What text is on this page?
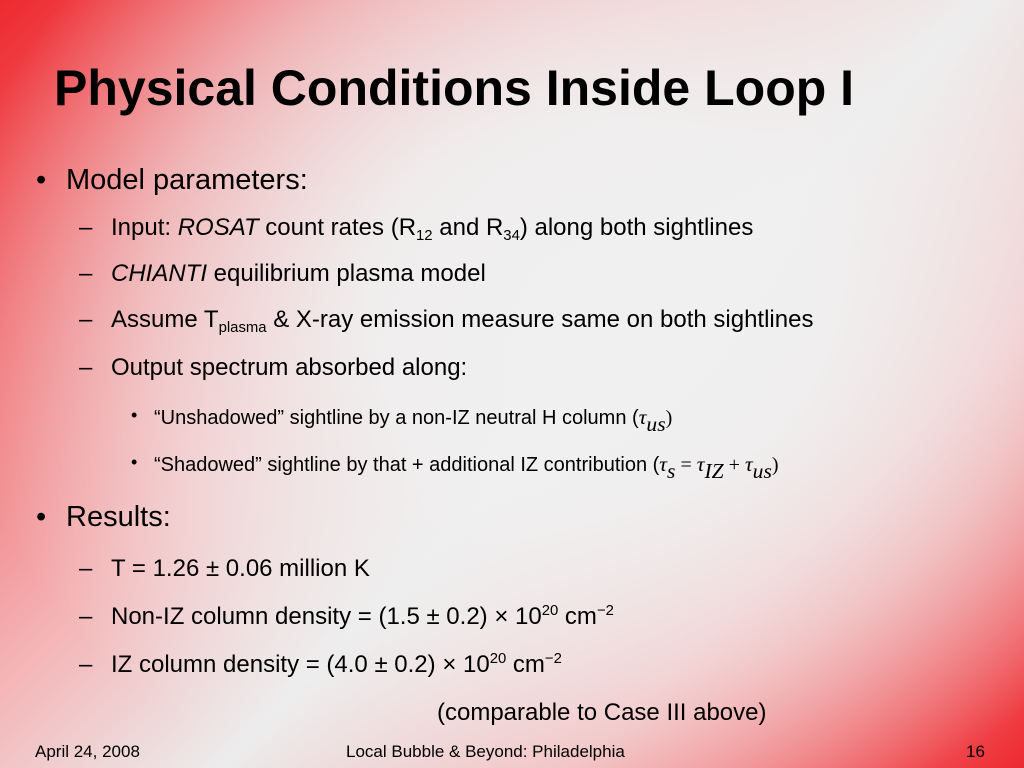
Physical Conditions Inside Loop I
• Model parameters:
– Input: ROSAT count rates ($R_{12}$ and $R_{34}$) along both sightlines
– CHIANTI equilibrium plasma model
– Assume $T_{plasma}$ & X-ray emission measure same on both sightlines
– Output spectrum absorbed along:
• “Unshadowed” sightline by a non-IZ neutral H column $(\tau_{us})$
• “Shadowed” sightline by that + additional IZ contribution $(\tau_s = \tau_{IZ} + \tau_{us})$
• Results:
– T = 1.26 ± 0.06 million K
– Non-IZ column density = $(1.5 \pm 0.2) \times 10^{20}$ $cm^{-2}$
– IZ column density = $(4.0 \pm 0.2) \times 10^{20}$ $cm^{-2}$
(comparable to Case III above)
April 24, 2008	Local Bubble & Beyond: Philadelphia	16
